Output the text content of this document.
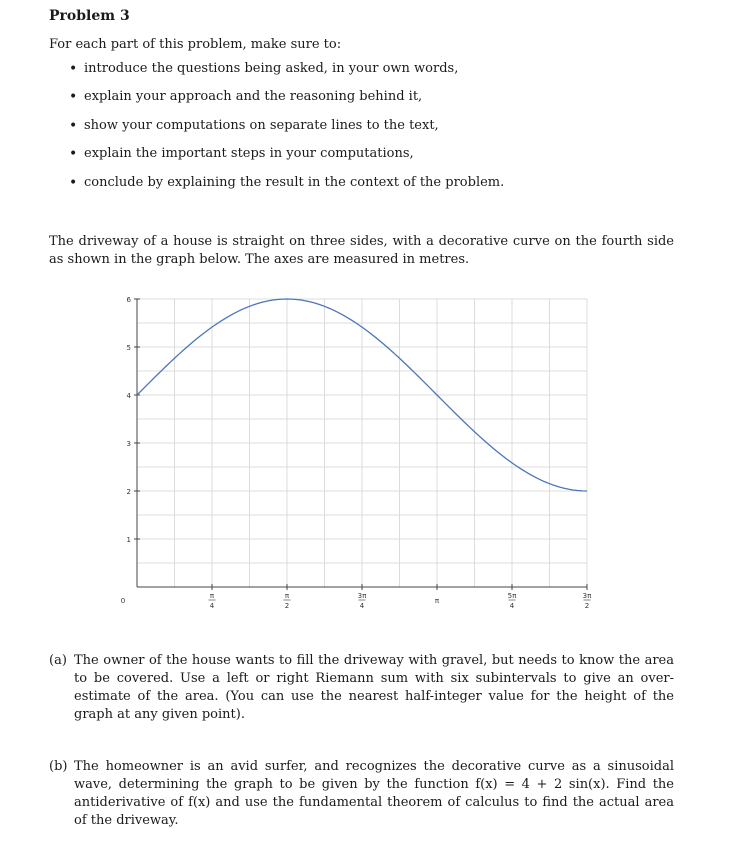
Problem 3
For each part of this problem, make sure to:
• introduce the questions being asked, in your own words,
• explain your approach and the reasoning behind it,
• show your computations on separate lines to the text,
• explain the important steps in your computations,
• conclude by explaining the result in the context of the problem.
The driveway of a house is straight on three sides, with a decorative curve on the fourth side as shown in the graph below. The axes are measured in metres.
1
2
3
4
5
6
0
π
4
π
2
3π
4
π
5π
4
3π
2
(a) The owner of the house wants to fill the driveway with gravel, but needs to know the area to be covered. Use a left or right Riemann sum with six subintervals to give an over-estimate of the area. (You can use the nearest half-integer value for the height of the graph at any given point).
(b) The homeowner is an avid surfer, and recognizes the decorative curve as a sinusoidal wave, determining the graph to be given by the function f(x) = 4 + 2 sin(x). Find the antiderivative of f(x) and use the fundamental theorem of calculus to find the actual area of the driveway.
